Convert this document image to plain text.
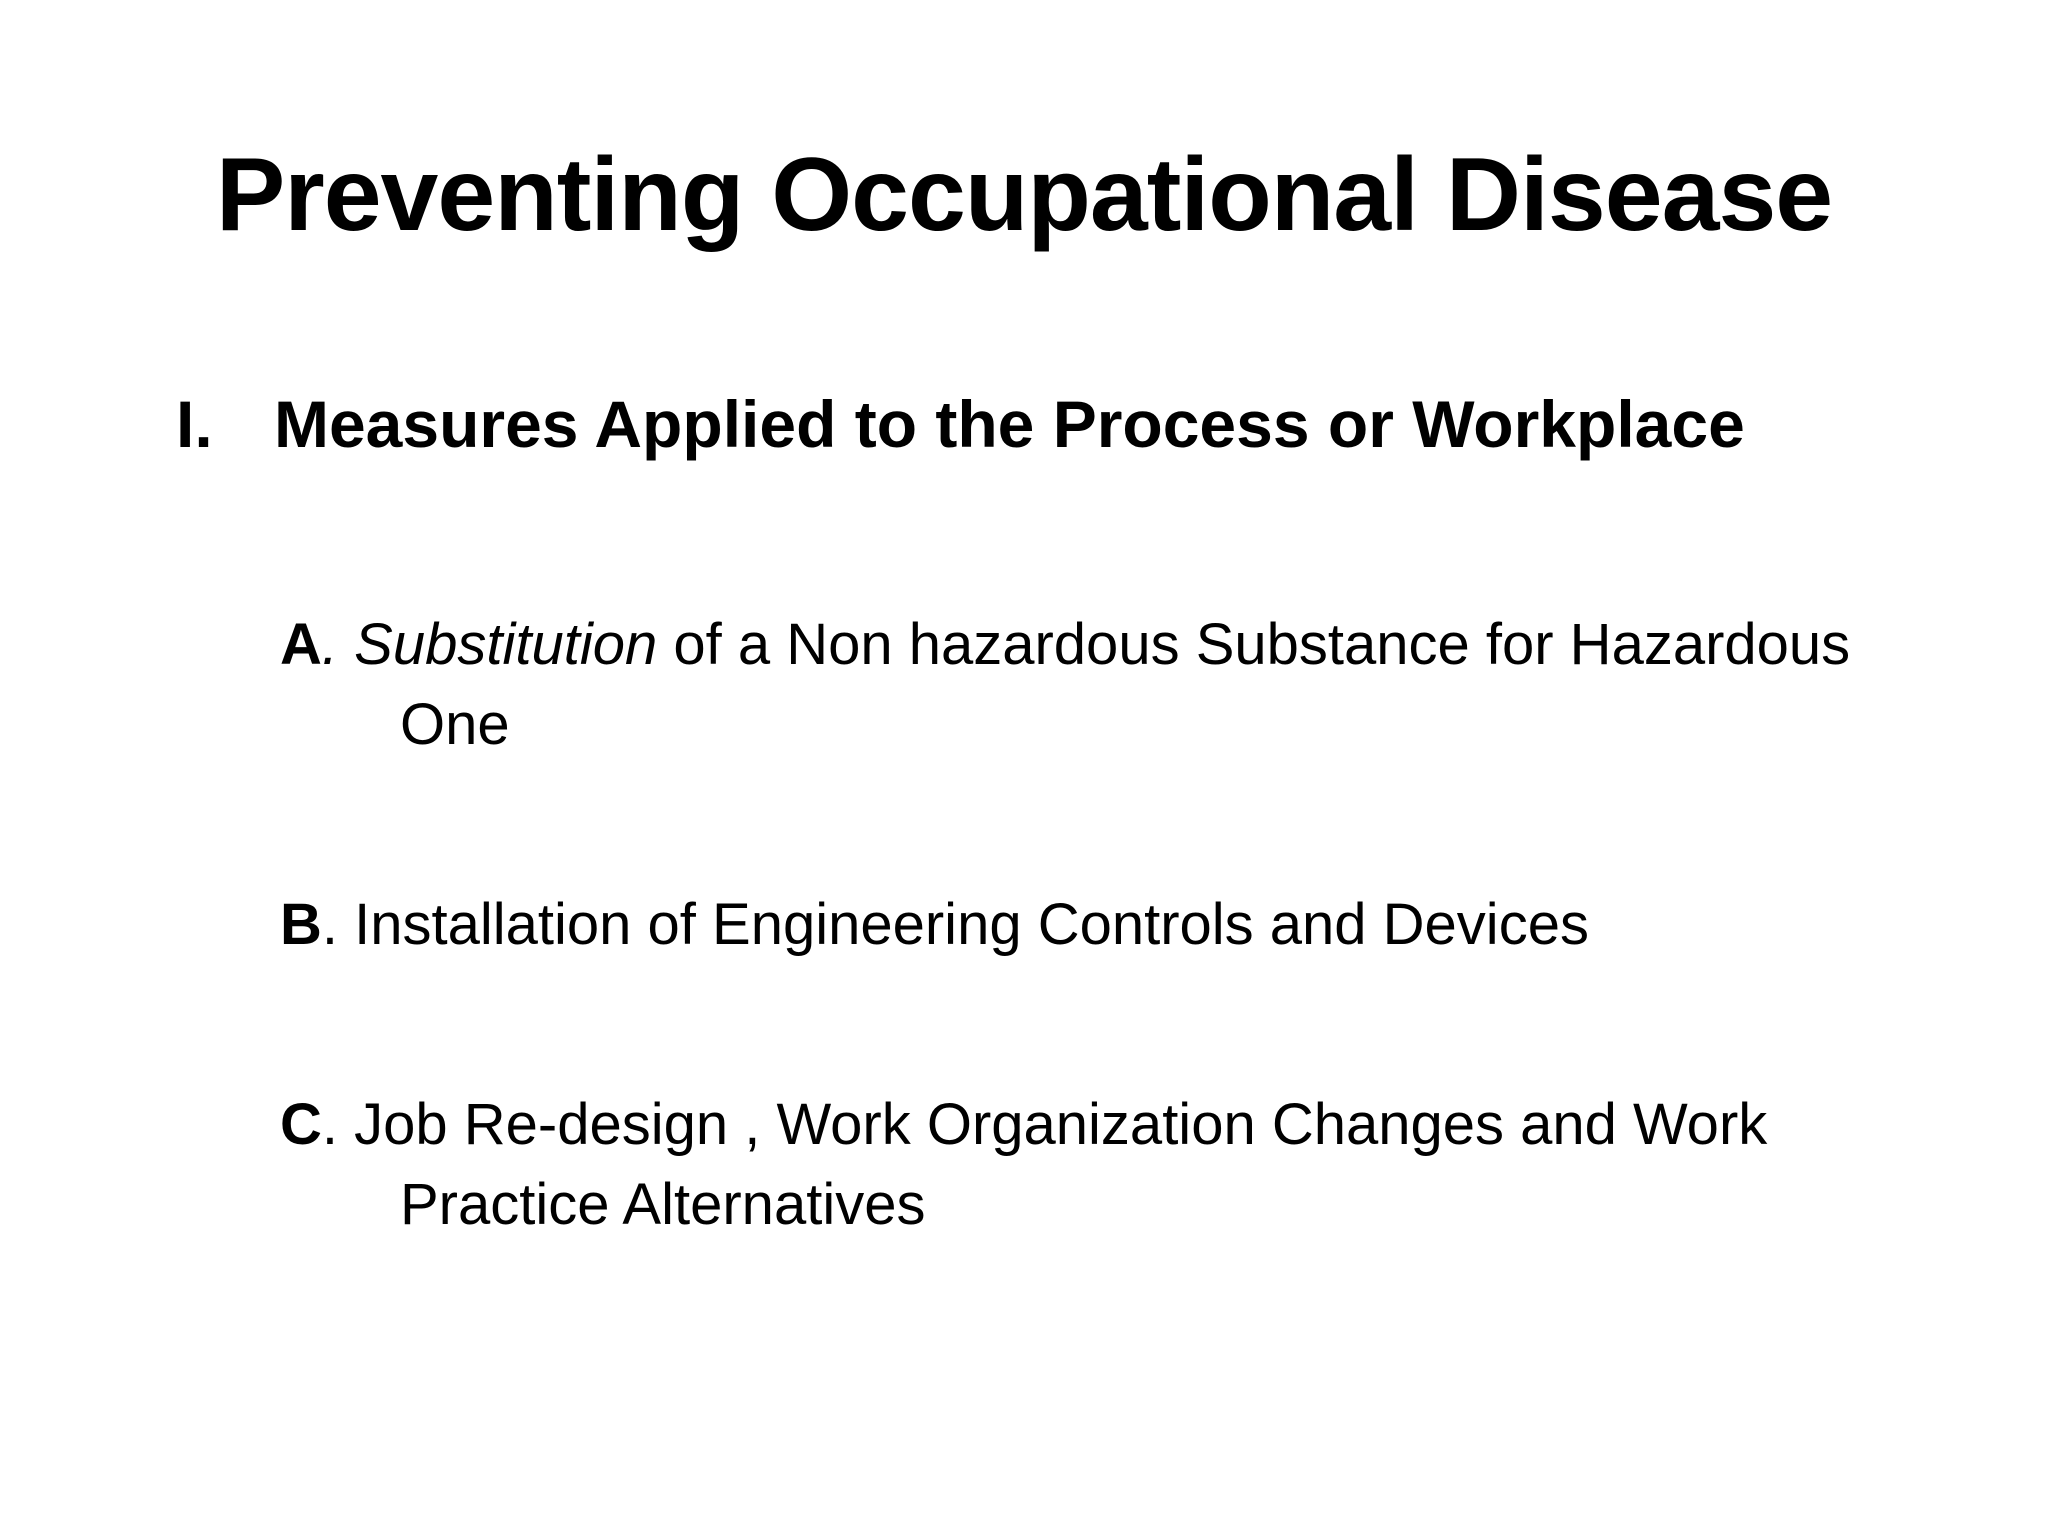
Preventing Occupational Disease
I. Measures Applied to the Process or Workplace
A. Substitution of a Non hazardous Substance for Hazardous
One
B. Installation of Engineering Controls and Devices
C. Job Re-design , Work Organization Changes and Work
Practice Alternatives
